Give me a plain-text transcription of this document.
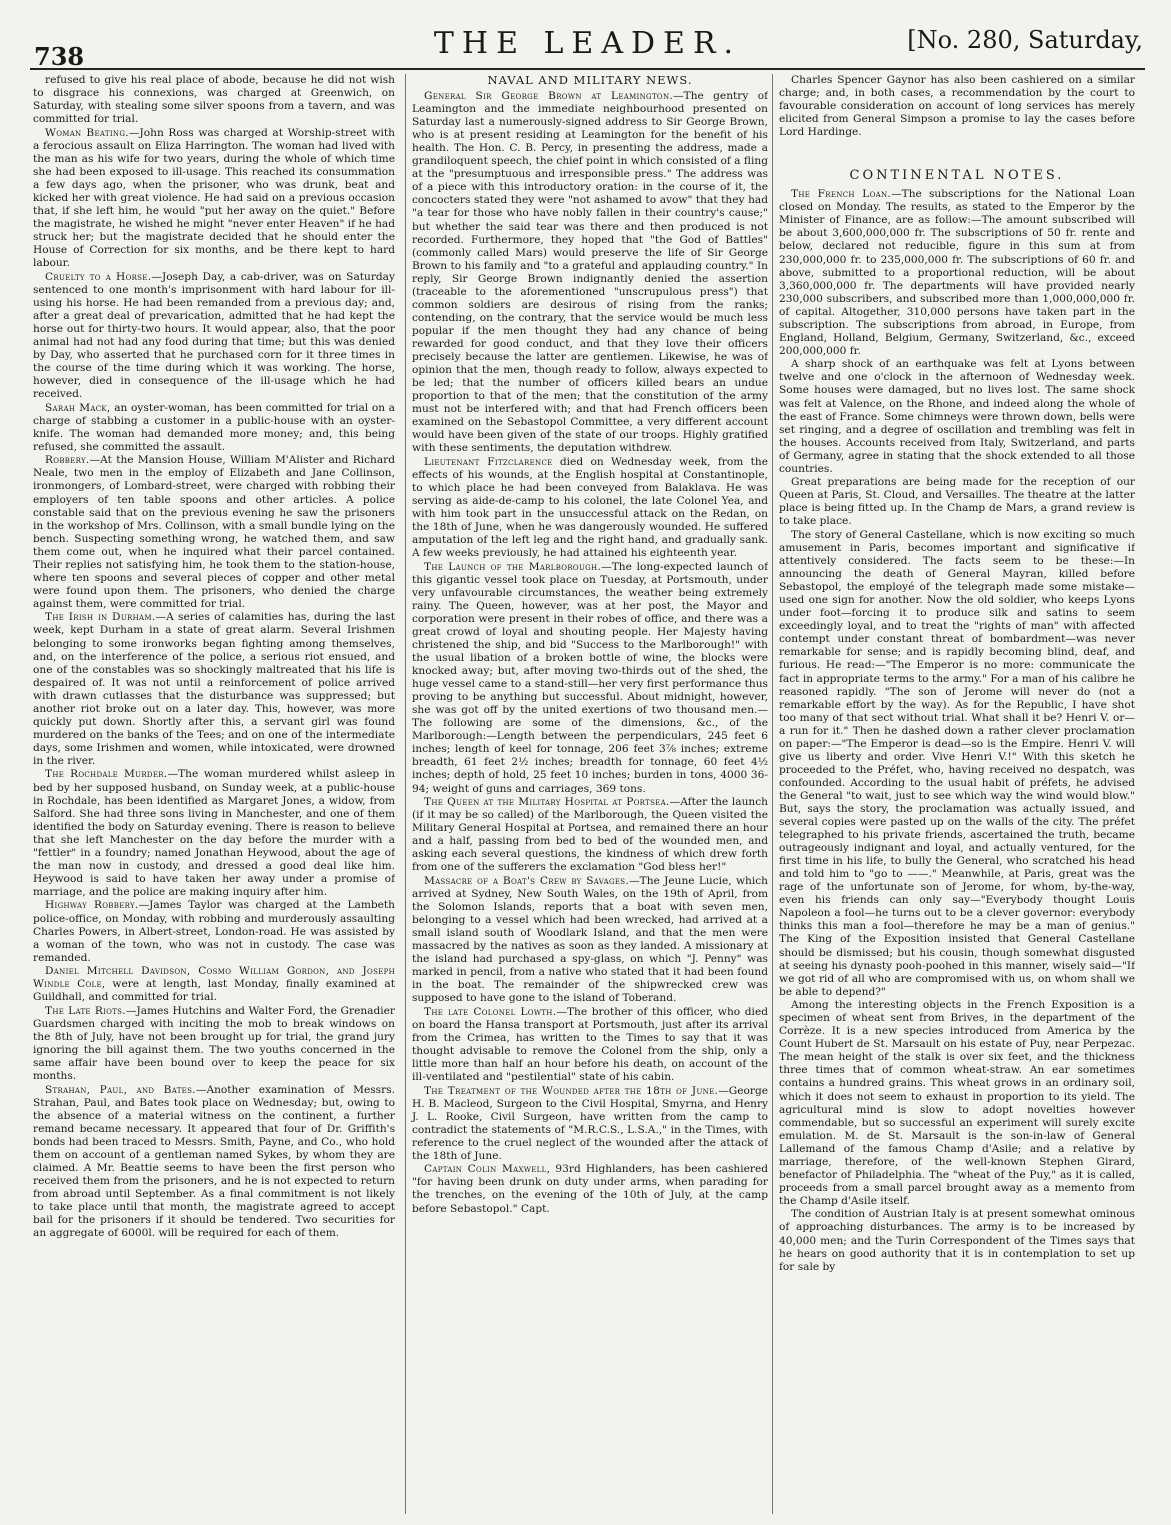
738	THE LEADER.	[No. 280, Saturday,

refused to give his real place of abode, because he did not wish to disgrace his connexions, was charged at Greenwich, on Saturday, with stealing some silver spoons from a tavern, and was committed for trial.

Woman Beating.—John Ross was charged at Worship-street with a ferocious assault on Eliza Harrington. The woman had lived with the man as his wife for two years, during the whole of which time she had been exposed to ill-usage. This reached its consummation a few days ago, when the prisoner, who was drunk, beat and kicked her with great violence. He had said on a previous occasion that, if she left him, he would "put her away on the quiet." Before the magistrate, he wished he might "never enter Heaven" if he had struck her; but the magistrate decided that he should enter the House of Correction for six months, and be there kept to hard labour.

Cruelty to a Horse.—Joseph Day, a cab-driver, was on Saturday sentenced to one month's imprisonment with hard labour for ill-using his horse. He had been remanded from a previous day; and, after a great deal of prevarication, admitted that he had kept the horse out for thirty-two hours. It would appear, also, that the poor animal had not had any food during that time; but this was denied by Day, who asserted that he purchased corn for it three times in the course of the time during which it was working. The horse, however, died in consequence of the ill-usage which he had received.

Sarah Mack, an oyster-woman, has been committed for trial on a charge of stabbing a customer in a public-house with an oyster-knife. The woman had demanded more money; and, this being refused, she committed the assault.

Robbery.—At the Mansion House, William M'Alister and Richard Neale, two men in the employ of Elizabeth and Jane Collinson, ironmongers, of Lombard-street, were charged with robbing their employers of ten table spoons and other articles. A police constable said that on the previous evening he saw the prisoners in the workshop of Mrs. Collinson, with a small bundle lying on the bench. Suspecting something wrong, he watched them, and saw them come out, when he inquired what their parcel contained. Their replies not satisfying him, he took them to the station-house, where ten spoons and several pieces of copper and other metal were found upon them. The prisoners, who denied the charge against them, were committed for trial.

The Irish in Durham.—A series of calamities has, during the last week, kept Durham in a state of great alarm. Several Irishmen belonging to some ironworks began fighting among themselves, and, on the interference of the police, a serious riot ensued, and one of the constables was so shockingly maltreated that his life is despaired of. It was not until a reinforcement of police arrived with drawn cutlasses that the disturbance was suppressed; but another riot broke out on a later day. This, however, was more quickly put down. Shortly after this, a servant girl was found murdered on the banks of the Tees; and on one of the intermediate days, some Irishmen and women, while intoxicated, were drowned in the river.

The Rochdale Murder.—The woman murdered whilst asleep in bed by her supposed husband, on Sunday week, at a public-house in Rochdale, has been identified as Margaret Jones, a widow, from Salford. She had three sons living in Manchester, and one of them identified the body on Saturday evening. There is reason to believe that she left Manchester on the day before the murder with a "fettler" in a foundry; named Jonathan Heywood, about the age of the man now in custody, and dressed a good deal like him. Heywood is said to have taken her away under a promise of marriage, and the police are making inquiry after him.

Highway Robbery.—James Taylor was charged at the Lambeth police-office, on Monday, with robbing and murderously assaulting Charles Powers, in Albert-street, London-road. He was assisted by a woman of the town, who was not in custody. The case was remanded.

Daniel Mitchell Davidson, Cosmo William Gordon, and Joseph Windle Cole, were at length, last Monday, finally examined at Guildhall, and committed for trial.

The Late Riots.—James Hutchins and Walter Ford, the Grenadier Guardsmen charged with inciting the mob to break windows on the 8th of July, have not been brought up for trial, the grand jury ignoring the bill against them. The two youths concerned in the same affair have been bound over to keep the peace for six months.

Strahan, Paul, and Bates.—Another examination of Messrs. Strahan, Paul, and Bates took place on Wednesday; but, owing to the absence of a material witness on the continent, a further remand became necessary. It appeared that four of Dr. Griffith's bonds had been traced to Messrs. Smith, Payne, and Co., who hold them on account of a gentleman named Sykes, by whom they are claimed. A Mr. Beattie seems to have been the first person who received them from the prisoners, and he is not expected to return from abroad until September. As a final commitment is not likely to take place until that month, the magistrate agreed to accept bail for the prisoners if it should be tendered. Two securities for an aggregate of 6000l. will be required for each of them.

NAVAL AND MILITARY NEWS.

General Sir George Brown at Leamington.—The gentry of Leamington and the immediate neighbourhood presented on Saturday last a numerously-signed address to Sir George Brown, who is at present residing at Leamington for the benefit of his health. The Hon. C. B. Percy, in presenting the address, made a grandiloquent speech, the chief point in which consisted of a fling at the "presumptuous and irresponsible press." The address was of a piece with this introductory oration: in the course of it, the concocters stated they were "not ashamed to avow" that they had "a tear for those who have nobly fallen in their country's cause;" but whether the said tear was there and then produced is not recorded. Furthermore, they hoped that "the God of Battles" (commonly called Mars) would preserve the life of Sir George Brown to his family and "to a grateful and applauding country." In reply, Sir George Brown indignantly denied the assertion (traceable to the aforementioned "unscrupulous press") that common soldiers are desirous of rising from the ranks; contending, on the contrary, that the service would be much less popular if the men thought they had any chance of being rewarded for good conduct, and that they love their officers precisely because the latter are gentlemen. Likewise, he was of opinion that the men, though ready to follow, always expected to be led; that the number of officers killed bears an undue proportion to that of the men; that the constitution of the army must not be interfered with; and that had French officers been examined on the Sebastopol Committee, a very different account would have been given of the state of our troops. Highly gratified with these sentiments, the deputation withdrew.

Lieutenant Fitzclarence died on Wednesday week, from the effects of his wounds, at the English hospital at Constantinople, to which place he had been conveyed from Balaklava. He was serving as aide-de-camp to his colonel, the late Colonel Yea, and with him took part in the unsuccessful attack on the Redan, on the 18th of June, when he was dangerously wounded. He suffered amputation of the left leg and the right hand, and gradually sank. A few weeks previously, he had attained his eighteenth year.

The Launch of the Marlborough.—The long-expected launch of this gigantic vessel took place on Tuesday, at Portsmouth, under very unfavourable circumstances, the weather being extremely rainy. The Queen, however, was at her post, the Mayor and corporation were present in their robes of office, and there was a great crowd of loyal and shouting people. Her Majesty having christened the ship, and bid "Success to the Marlborough!" with the usual libation of a broken bottle of wine, the blocks were knocked away; but, after moving two-thirds out of the shed, the huge vessel came to a stand-still—her very first performance thus proving to be anything but successful. About midnight, however, she was got off by the united exertions of two thousand men.—The following are some of the dimensions, &c., of the Marlborough:—Length between the perpendiculars, 245 feet 6 inches; length of keel for tonnage, 206 feet 3⅞ inches; extreme breadth, 61 feet 2½ inches; breadth for tonnage, 60 feet 4½ inches; depth of hold, 25 feet 10 inches; burden in tons, 4000 36-94; weight of guns and carriages, 369 tons.

The Queen at the Military Hospital at Portsea.—After the launch (if it may be so called) of the Marlborough, the Queen visited the Military General Hospital at Portsea, and remained there an hour and a half, passing from bed to bed of the wounded men, and asking each several questions, the kindness of which drew forth from one of the sufferers the exclamation "God bless her!"

Massacre of a Boat's Crew by Savages.—The Jeune Lucie, which arrived at Sydney, New South Wales, on the 19th of April, from the Solomon Islands, reports that a boat with seven men, belonging to a vessel which had been wrecked, had arrived at a small island south of Woodlark Island, and that the men were massacred by the natives as soon as they landed. A missionary at the island had purchased a spy-glass, on which "J. Penny" was marked in pencil, from a native who stated that it had been found in the boat. The remainder of the shipwrecked crew was supposed to have gone to the island of Toberand.

The late Colonel Lowth.—The brother of this officer, who died on board the Hansa transport at Portsmouth, just after its arrival from the Crimea, has written to the Times to say that it was thought advisable to remove the Colonel from the ship, only a little more than half an hour before his death, on account of the ill-ventilated and "pestilential" state of his cabin.

The Treatment of the Wounded after the 18th of June.—George H. B. Macleod, Surgeon to the Civil Hospital, Smyrna, and Henry J. L. Rooke, Civil Surgeon, have written from the camp to contradict the statements of "M.R.C.S., L.S.A.," in the Times, with reference to the cruel neglect of the wounded after the attack of the 18th of June.

Captain Colin Maxwell, 93rd Highlanders, has been cashiered "for having been drunk on duty under arms, when parading for the trenches, on the evening of the 10th of July, at the camp before Sebastopol." Capt.

Charles Spencer Gaynor has also been cashiered on a similar charge; and, in both cases, a recommendation by the court to favourable consideration on account of long services has merely elicited from General Simpson a promise to lay the cases before Lord Hardinge.

CONTINENTAL NOTES.

The French Loan.—The subscriptions for the National Loan closed on Monday. The results, as stated to the Emperor by the Minister of Finance, are as follow:—The amount subscribed will be about 3,600,000,000 fr. The subscriptions of 50 fr. rente and below, declared not reducible, figure in this sum at from 230,000,000 fr. to 235,000,000 fr. The subscriptions of 60 fr. and above, submitted to a proportional reduction, will be about 3,360,000,000 fr. The departments will have provided nearly 230,000 subscribers, and subscribed more than 1,000,000,000 fr. of capital. Altogether, 310,000 persons have taken part in the subscription. The subscriptions from abroad, in Europe, from England, Holland, Belgium, Germany, Switzerland, &c., exceed 200,000,000 fr.

A sharp shock of an earthquake was felt at Lyons between twelve and one o'clock in the afternoon of Wednesday week. Some houses were damaged, but no lives lost. The same shock was felt at Valence, on the Rhone, and indeed along the whole of the east of France. Some chimneys were thrown down, bells were set ringing, and a degree of oscillation and trembling was felt in the houses. Accounts received from Italy, Switzerland, and parts of Germany, agree in stating that the shock extended to all those countries.

Great preparations are being made for the reception of our Queen at Paris, St. Cloud, and Versailles. The theatre at the latter place is being fitted up. In the Champ de Mars, a grand review is to take place.

The story of General Castellane, which is now exciting so much amusement in Paris, becomes important and significative if attentively considered. The facts seem to be these:—In announcing the death of General Mayran, killed before Sebastopol, the employé of the telegraph made some mistake—used one sign for another. Now the old soldier, who keeps Lyons under foot—forcing it to produce silk and satins to seem exceedingly loyal, and to treat the "rights of man" with affected contempt under constant threat of bombardment—was never remarkable for sense; and is rapidly becoming blind, deaf, and furious. He read:—"The Emperor is no more: communicate the fact in appropriate terms to the army." For a man of his calibre he reasoned rapidly. "The son of Jerome will never do (not a remarkable effort by the way). As for the Republic, I have shot too many of that sect without trial. What shall it be? Henri V. or—a run for it." Then he dashed down a rather clever proclamation on paper:—"The Emperor is dead—so is the Empire. Henri V. will give us liberty and order. Vive Henri V.!" With this sketch he proceeded to the Préfet, who, having received no despatch, was confounded. According to the usual habit of préfets, he advised the General "to wait, just to see which way the wind would blow." But, says the story, the proclamation was actually issued, and several copies were pasted up on the walls of the city. The préfet telegraphed to his private friends, ascertained the truth, became outrageously indignant and loyal, and actually ventured, for the first time in his life, to bully the General, who scratched his head and told him to "go to ——." Meanwhile, at Paris, great was the rage of the unfortunate son of Jerome, for whom, by-the-way, even his friends can only say—"Everybody thought Louis Napoleon a fool—he turns out to be a clever governor: everybody thinks this man a fool—therefore he may be a man of genius." The King of the Exposition insisted that General Castellane should be dismissed; but his cousin, though somewhat disgusted at seeing his dynasty pooh-poohed in this manner, wisely said—"If we got rid of all who are compromised with us, on whom shall we be able to depend?"

Among the interesting objects in the French Exposition is a specimen of wheat sent from Brives, in the department of the Corrèze. It is a new species introduced from America by the Count Hubert de St. Marsault on his estate of Puy, near Perpezac. The mean height of the stalk is over six feet, and the thickness three times that of common wheat-straw. An ear sometimes contains a hundred grains. This wheat grows in an ordinary soil, which it does not seem to exhaust in proportion to its yield. The agricultural mind is slow to adopt novelties however commendable, but so successful an experiment will surely excite emulation. M. de St. Marsault is the son-in-law of General Lallemand of the famous Champ d'Asile; and a relative by marriage, therefore, of the well-known Stephen Girard, benefactor of Philadelphia. The "wheat of the Puy," as it is called, proceeds from a small parcel brought away as a memento from the Champ d'Asile itself.

The condition of Austrian Italy is at present somewhat ominous of approaching disturbances. The army is to be increased by 40,000 men; and the Turin Correspondent of the Times says that he hears on good authority that it is in contemplation to set up for sale by
